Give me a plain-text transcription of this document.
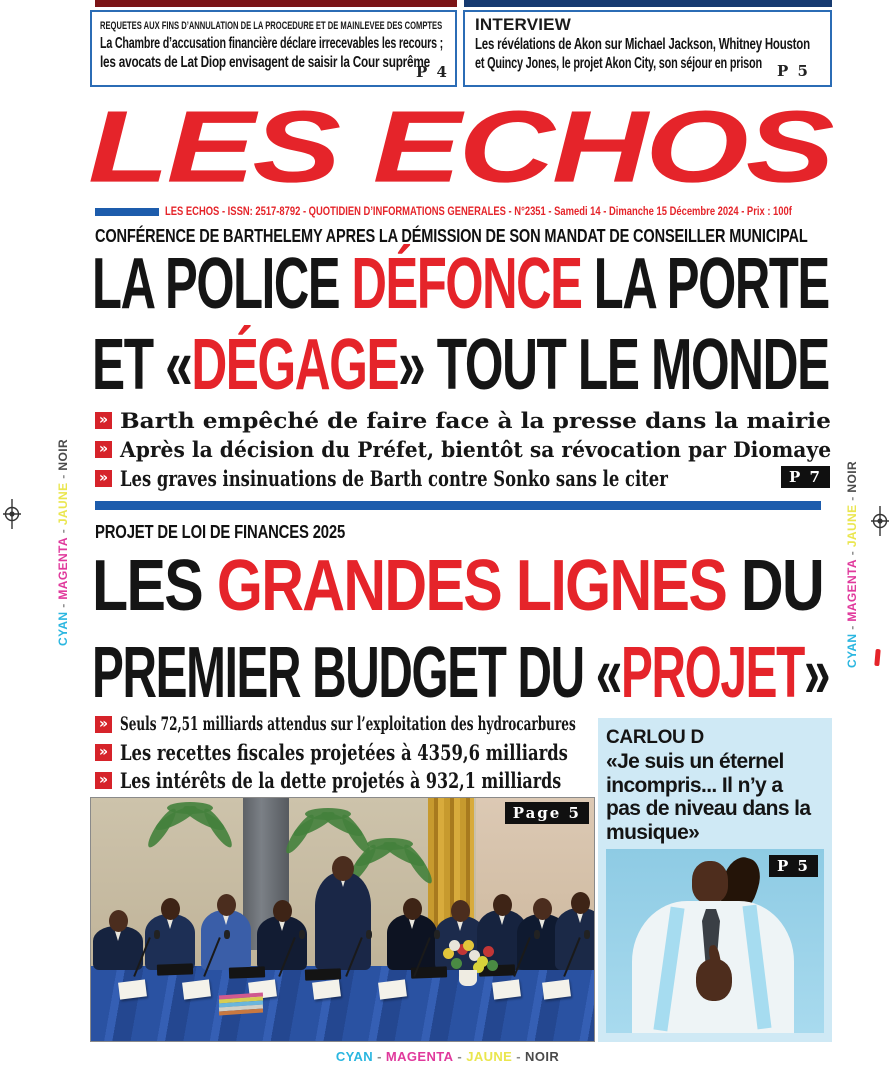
REQUETES AUX FINS D’ANNULATION DE LA PROCEDURE ET DE MAINLEVEE DES COMPTES
La Chambre d’accusation financière déclare irrecevables les recours ;
les avocats de Lat Diop envisagent de saisir la Cour suprême
P 4
INTERVIEW
Les révélations de Akon sur Michael Jackson, Whitney Houston
et Quincy Jones, le projet Akon City, son séjour en prison	P 5
LES ECHOS
LES ECHOS - ISSN: 2517-8792 - QUOTIDIEN D’INFORMATIONS GENERALES - N°2351 - Samedi 14 - Dimanche 15 Décembre 2024 - Prix : 100f
CONFÉRENCE DE BARTHELEMY APRES LA DÉMISSION DE SON MANDAT DE CONSEILLER MUNICIPAL
LA POLICE DÉFONCE LA PORTE
ET «DÉGAGE» TOUT LE MONDE
» Barth empêché de faire face à la presse dans la mairie
» Après la décision du Préfet, bientôt sa révocation par Diomaye
» Les graves insinuations de Barth contre Sonko sans le citer	P 7
PROJET DE LOI DE FINANCES 2025
LES GRANDES LIGNES DU
PREMIER BUDGET DU «PROJET»
» Seuls 72,51 milliards attendus sur l’exploitation des hydrocarbures
» Les recettes fiscales projetées à 4359,6 milliards
» Les intérêts de la dette projetés à 932,1 milliards
Page 5
CARLOU D
«Je suis un éternel incompris... Il n’y a pas de niveau dans la musique»
P 5
CYAN - MAGENTA - JAUNE - NOIR
CYAN
-
MAGENTA
-
JAUNE
-
NOIR
CYAN
-
MAGENTA
-
JAUNE
-
NOIR
